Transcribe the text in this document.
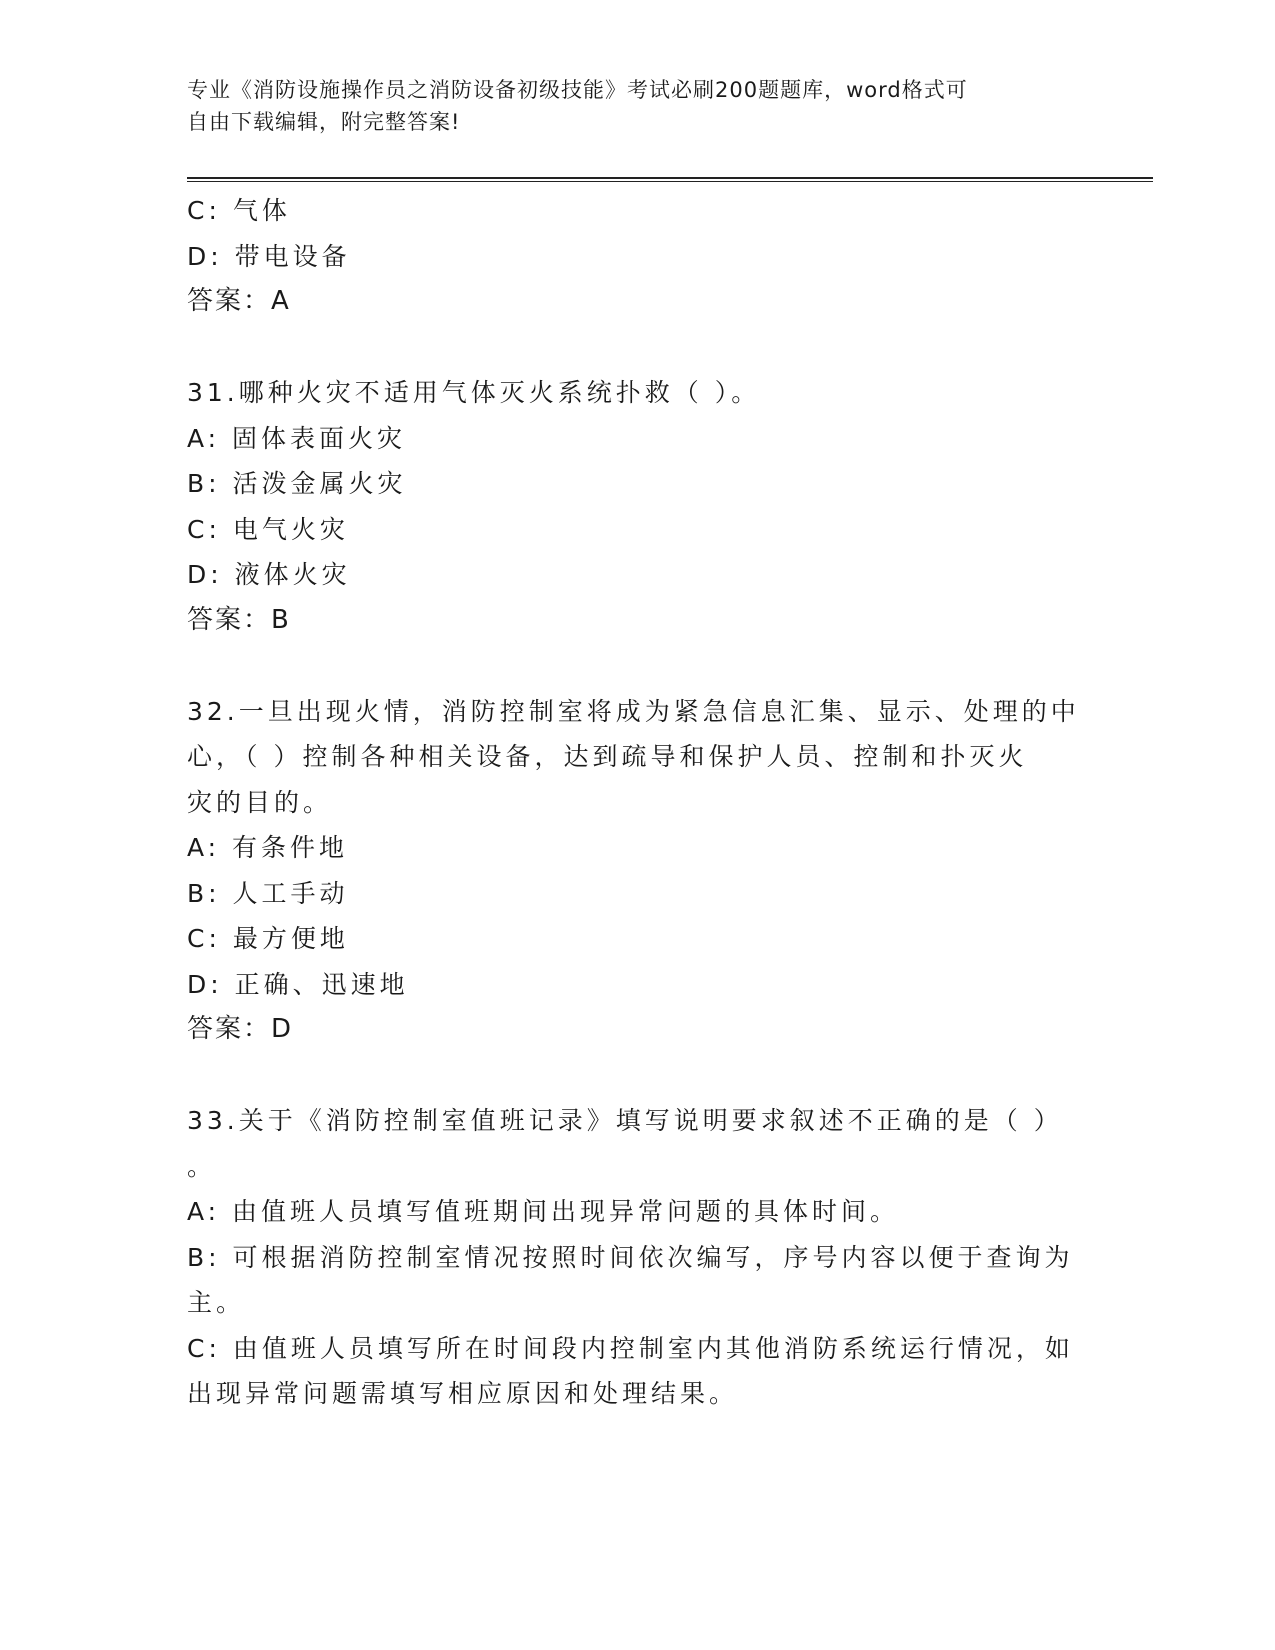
专业《消防设施操作员之消防设备初级技能》考试必刷200题题库，word格式可
自由下载编辑，附完整答案!
C: 气体
D: 带电设备
答案：A
31.哪种火灾不适用气体灭火系统扑救（ ）。
A: 固体表面火灾
B: 活泼金属火灾
C: 电气火灾
D: 液体火灾
答案：B
32.一旦出现火情，消防控制室将成为紧急信息汇集、显示、处理的中
心，（ ）控制各种相关设备，达到疏导和保护人员、控制和扑灭火
灾的目的。
A: 有条件地
B: 人工手动
C: 最方便地
D: 正确、迅速地
答案：D
33.关于《消防控制室值班记录》填写说明要求叙述不正确的是（ ）
。
A: 由值班人员填写值班期间出现异常问题的具体时间。
B: 可根据消防控制室情况按照时间依次编写，序号内容以便于查询为
主。
C: 由值班人员填写所在时间段内控制室内其他消防系统运行情况，如
出现异常问题需填写相应原因和处理结果。
